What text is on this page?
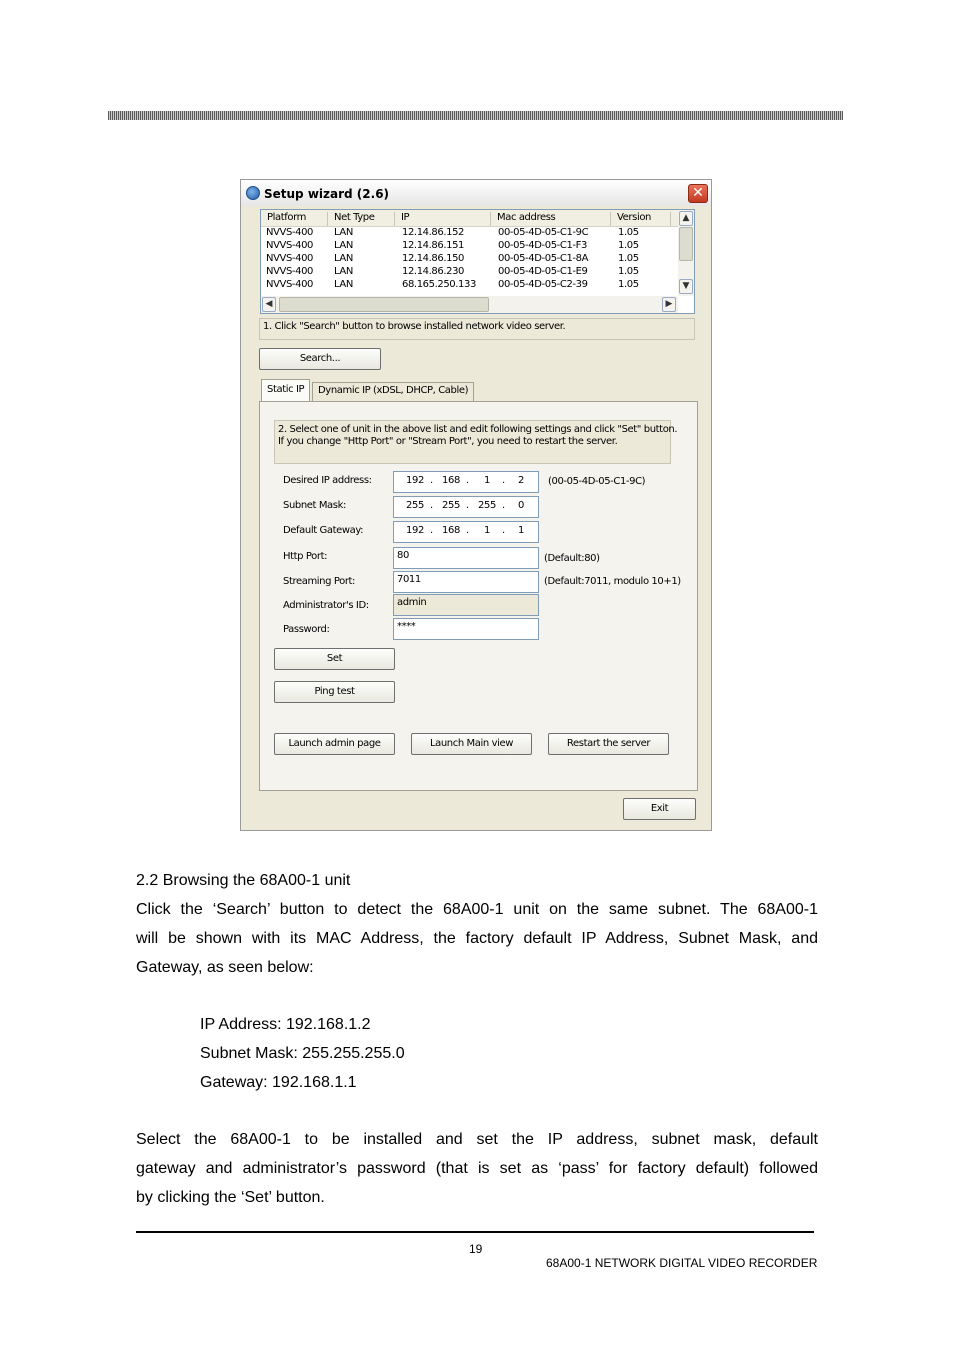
Setup wizard (2.6)	✕
Platform	Net Type	IP	Mac address	Version
NVVS-400 LAN	12.14.86.152	00-05-4D-05-C1-9C	1.05
NVVS-400 LAN	12.14.86.151	00-05-4D-05-C1-F3	1.05
NVVS-400 LAN	12.14.86.150	00-05-4D-05-C1-8A	1.05
NVVS-400 LAN	12.14.86.230	00-05-4D-05-C1-E9	1.05
NVVS-400 LAN	68.165.250.133 00-05-4D-05-C2-39	1.05
▲
▼
◀	▶
1. Click "Search" button to browse installed network video server.
Search...
Static IP	Dynamic IP (xDSL, DHCP, Cable)
2. Select one of unit in the above list and edit following settings and click "Set" button.
If you change "Http Port" or "Stream Port", you need to restart the server.
Desired IP address:	192 . 168 .	1	.	2	(00-05-4D-05-C1-9C)
Subnet Mask:	255 . 255 . 255 .	0
Default Gateway:	192 . 168 .	1	.	1
Http Port:	80	(Default:80)
Streaming Port:	7011	(Default:7011, modulo 10+1)
Administrator's ID:	admin
Password:	****
Set
Ping test
Launch admin page	Launch Main view	Restart the server
Exit
2.2 Browsing the 68A00-1 unit
Click the ‘Search’ button to detect the 68A00-1 unit on the same subnet. The 68A00-1
will be shown with its MAC Address, the factory default IP Address, Subnet Mask, and
Gateway, as seen below:
IP Address: 192.168.1.2
Subnet Mask: 255.255.255.0
Gateway: 192.168.1.1
Select the 68A00-1 to be installed and set the IP address, subnet mask, default
gateway and administrator’s password (that is set as ‘pass’ for factory default) followed
by clicking the ‘Set’ button.
19
68A00-1 NETWORK DIGITAL VIDEO RECORDER
